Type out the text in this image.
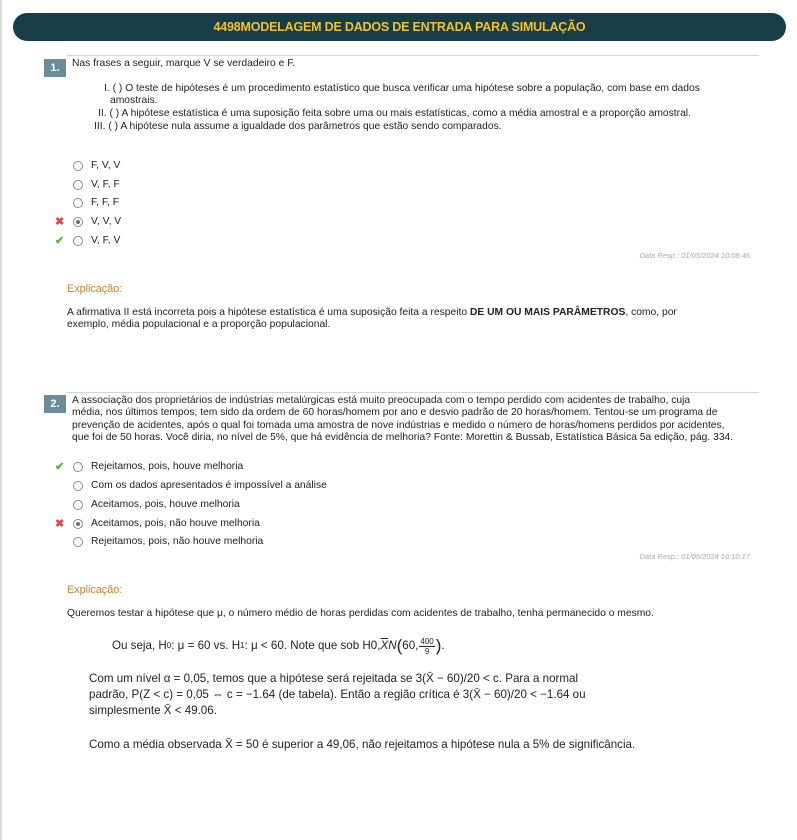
4498MODELAGEM DE DADOS DE ENTRADA PARA SIMULAÇÃO
1.	Nas frases a seguir, marque V se verdadeiro e F.
I. ( ) O teste de hipóteses é um procedimento estatístico que busca verificar uma hipótese sobre a população, com base em dados
amostrais.
II. ( ) A hipótese estatística é uma suposição feita sobre uma ou mais estatísticas, como a média amostral e a proporção amostral.
III. ( ) A hipótese nula assume a igualdade dos parâmetros que estão sendo comparados.
F, V, V
V, F, F
F, F, F
✖	V, V, V
✔	V, F, V
Data Resp.: 01/05/2024 10:08:46
Explicação:
A afirmativa II está incorreta pois a hipótese estatística é uma suposição feita a respeito DE UM OU MAIS PARÂMETROS, como, por
exemplo, média populacional e a proporção populacional.
2.	A associação dos proprietários de indústrias metalúrgicas está muito preocupada com o tempo perdido com acidentes de trabalho, cuja
média, nos últimos tempos, tem sido da ordem de 60 horas/homem por ano e desvio padrão de 20 horas/homem. Tentou-se um programa de
prevenção de acidentes, após o qual foi tomada uma amostra de nove indústrias e medido o número de horas/homens perdidos por acidentes,
que foi de 50 horas. Você diria, no nível de 5%, que há evidência de melhoria? Fonte: Morettin & Bussab, Estatística Básica 5a edição, pág. 334.
✔	Rejeitamos, pois, houve melhoria
Com os dados apresentados é impossível a análise
Aceitamos, pois, houve melhoria
✖	Aceitamos, pois, não houve melhoria
Rejeitamos, pois, não houve melhoria
Data Resp.: 01/05/2024 10:10:17
Explicação:
Queremos testar a hipótese que μ, o número médio de horas perdidas com acidentes de trabalho, tenha permanecido o mesmo.
Ou seja, H 0 : μ = 60 vs. H 1 : μ < 60. Note que sob H0, $\overline{X}$ N ( 60, $\frac{400}{9}$ ) .
Com um nível α = 0,05, temos que a hipótese será rejeitada se 3(X̄ − 60)/20 < c. Para a normal
padrão, P(Z < c) = 0,05 ⇔ c = −1.64 (de tabela). Então a região crítica é 3(X̄ − 60)/20 < −1.64 ou
simplesmente X̄ < 49.06.
Como a média observada X̄ = 50 é superior a 49,06, não rejeitamos a hipótese nula a 5% de significância.
